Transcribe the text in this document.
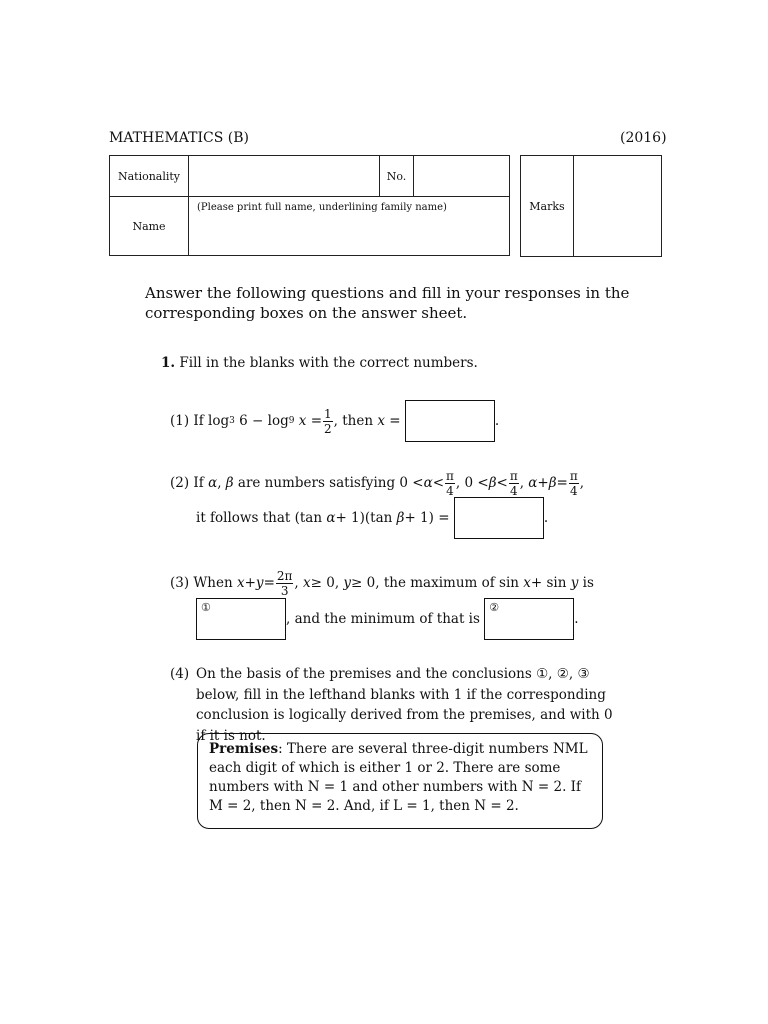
MATHEMATICS (B)	(2016)
Nationality		No.	
Name	(Please print full name, underlining family name)			Marks
Answer the following questions and fill in your responses in the corresponding boxes on the answer sheet.
1. Fill in the blanks with the correct numbers.
(1)
If log 3 6 − log 9
$x = \frac{1}{2}$ , then
x =	.
(2)
If
α , β
are numbers satisfying $0 < \alpha < \frac{\pi}{4}$ , $0 < \beta < \frac{\pi}{4}$ , $\alpha + \beta = \frac{\pi}{4}$ ,
it follows that (tan α + 1)(tan β + 1) =	.
(3)
When
$x + y = \frac{2\pi}{3}$ , x ≥ 0, y ≥ 0 , the maximum of sin x + sin y
is
①
, and the minimum of that is

②
.
(4) On the basis of the premises and the conclusions ①, ②, ③ below, fill in the lefthand blanks with 1 if the corresponding conclusion is logically derived from the premises, and with 0 if it is not.
Premises: There are several three-digit numbers NML each digit of which is either 1 or 2. There are some numbers with N = 1 and other numbers with N = 2. If M = 2, then N = 2. And, if L = 1, then N = 2.
